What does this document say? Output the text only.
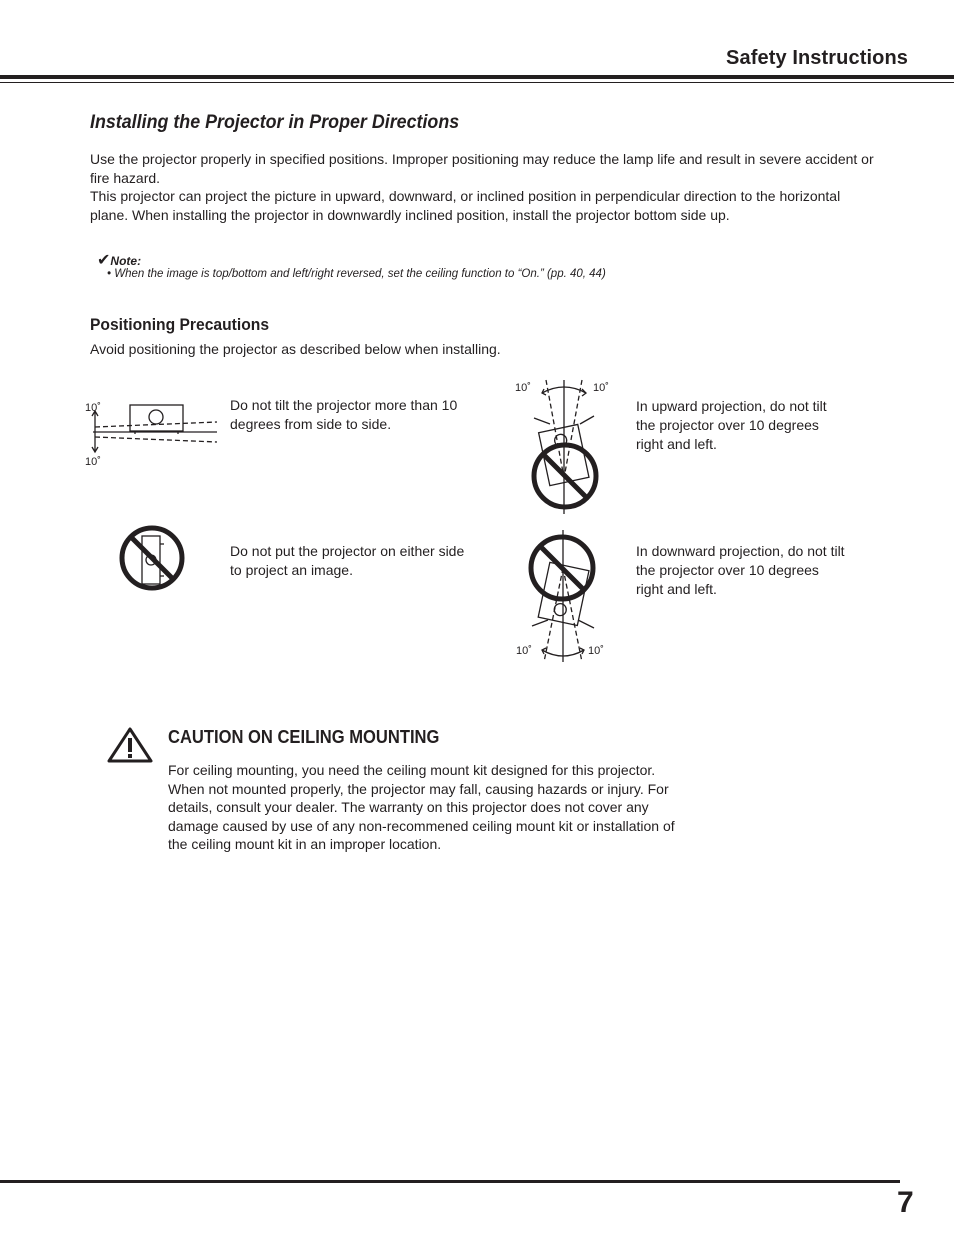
Safety Instructions
Installing the Projector in Proper Directions
Use the projector properly in specified positions. Improper positioning may reduce the lamp life and result in severe accident or fire hazard.
This projector can project the picture in upward, downward, or inclined position in perpendicular direction to the horizontal plane. When installing the projector in downwardly inclined position, install the projector bottom side up.
✔Note:
• When the image is top/bottom and left/right reversed, set the ceiling function to “On.” (pp. 40, 44)
Positioning Precautions
Avoid positioning the projector as described below when installing.
10˚
10˚
Do not tilt the projector more than 10 degrees from side to side.
10˚	10˚
In upward projection, do not tilt the projector over 10 degrees right and left.
Do not put the projector on either side to project an image.
10˚	10˚
In downward projection, do not tilt the projector over 10 degrees right and left.
CAUTION ON CEILING MOUNTING
For ceiling mounting, you need the ceiling mount kit designed for this projector. When not mounted properly, the projector may fall, causing hazards or injury. For details, consult your dealer. The warranty on this projector does not cover any damage caused by use of any non-recommened ceiling mount kit or installation of the ceiling mount kit in an improper location.
7
